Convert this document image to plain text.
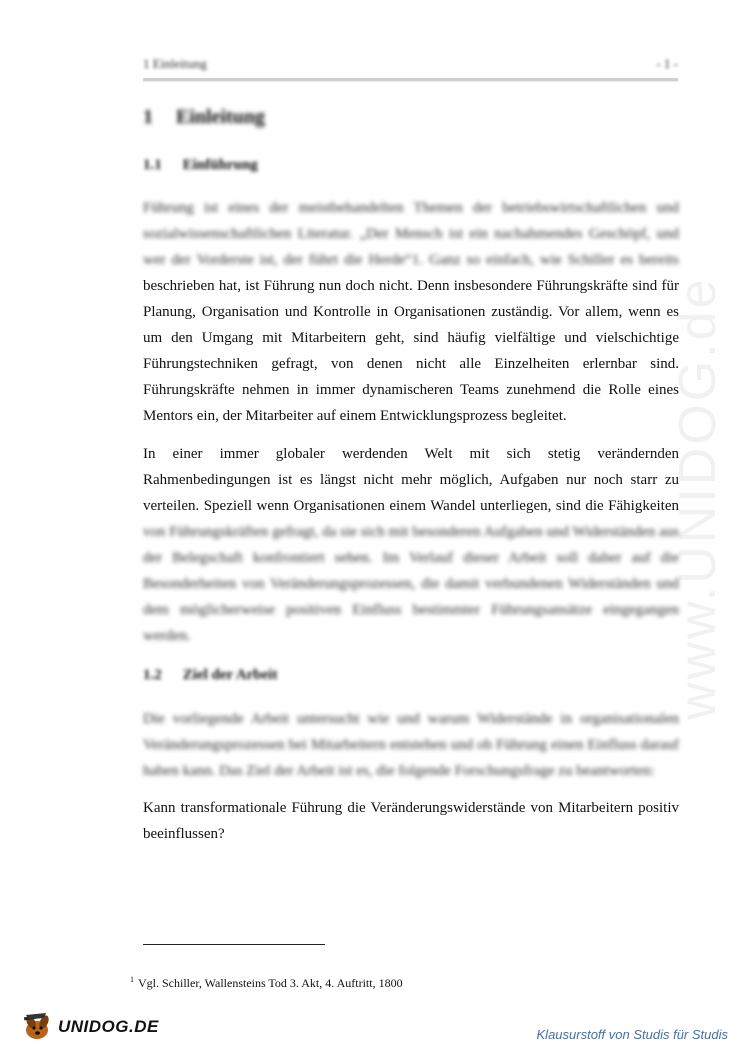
www.UNIDOG.de
1 Einleitung	- 1 -
1 Einleitung
1.1 Einführung
Führung ist eines der meistbehandelten Themen der betriebswirtschaftlichen und
sozialwissenschaftlichen Literatur. „Der Mensch ist ein nachahmendes Geschöpf, und
wer der Vorderste ist, der führt die Herde“1. Ganz so einfach, wie Schiller es bereits
beschrieben hat, ist Führung nun doch nicht. Denn insbesondere Führungskräfte sind für
Planung, Organisation und Kontrolle in Organisationen zuständig. Vor allem, wenn es
um den Umgang mit Mitarbeitern geht, sind häufig vielfältige und vielschichtige
Führungstechniken gefragt, von denen nicht alle Einzelheiten erlernbar sind.
Führungskräfte nehmen in immer dynamischeren Teams zunehmend die Rolle eines
Mentors ein, der Mitarbeiter auf einem Entwicklungsprozess begleitet.
In einer immer globaler werdenden Welt mit sich stetig verändernden
Rahmenbedingungen ist es längst nicht mehr möglich, Aufgaben nur noch starr zu
verteilen. Speziell wenn Organisationen einem Wandel unterliegen, sind die Fähigkeiten
von Führungskräften gefragt, da sie sich mit besonderen Aufgaben und Widerständen aus
der Belegschaft konfrontiert sehen. Im Verlauf dieser Arbeit soll daher auf die
Besonderheiten von Veränderungsprozessen, die damit verbundenen Widerständen und
dem möglicherweise positiven Einfluss bestimmter Führungsansätze eingegangen
werden.
1.2 Ziel der Arbeit
Die vorliegende Arbeit untersucht wie und warum Widerstände in organisationalen
Veränderungsprozessen bei Mitarbeitern entstehen und ob Führung einen Einfluss darauf
haben kann. Das Ziel der Arbeit ist es, die folgende Forschungsfrage zu beantworten:
Kann transformationale Führung die Veränderungswiderstände von Mitarbeitern positiv
beeinflussen?
$^1$ Vgl. Schiller, Wallensteins Tod 3. Akt, 4. Auftritt, 1800
UNIDOG.DE	Klausurstoff von Studis für Studis
